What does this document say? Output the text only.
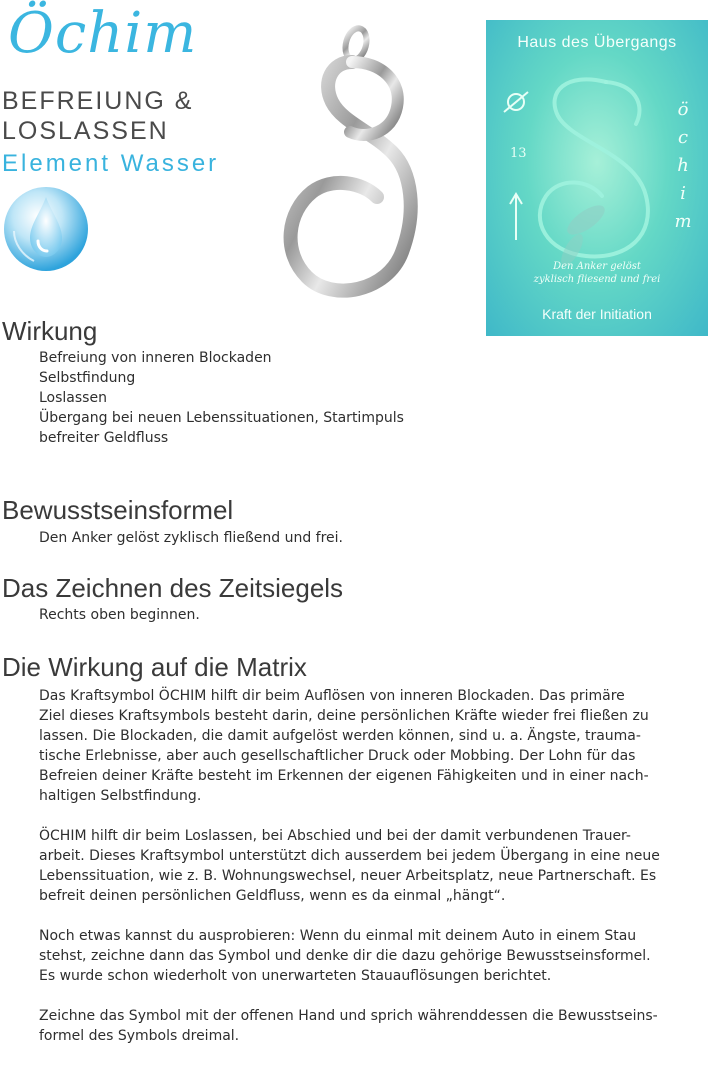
Öchim
BEFREIUNG &
LOSLASSEN
Element Wasser
Haus des Übergangs
13
ö
c
h
i
m
Den Anker gelöst
zyklisch fliesend und frei
Kraft der Initiation
Wirkung
Befreiung von inneren Blockaden
Selbstfindung
Loslassen
Übergang bei neuen Lebenssituationen, Startimpuls
befreiter Geldfluss
Bewusstseinsformel
Den Anker gelöst zyklisch fließend und frei.
Das Zeichnen des Zeitsiegels
Rechts oben beginnen.
Die Wirkung auf die Matrix

Das Kraftsymbol ÖCHIM hilft dir beim Auflösen von inneren Blockaden. Das primäre
Ziel dieses Kraftsymbols besteht darin, deine persönlichen Kräfte wieder frei fließen zu
lassen. Die Blockaden, die damit aufgelöst werden können, sind u. a. Ängste, trauma-
tische Erlebnisse, aber auch gesellschaftlicher Druck oder Mobbing. Der Lohn für das
Befreien deiner Kräfte besteht im Erkennen der eigenen Fähigkeiten und in einer nach-
haltigen Selbstfindung.

ÖCHIM hilft dir beim Loslassen, bei Abschied und bei der damit verbundenen Trauer-
arbeit. Dieses Kraftsymbol unterstützt dich ausserdem bei jedem Übergang in eine neue
Lebenssituation, wie z. B. Wohnungswechsel, neuer Arbeitsplatz, neue Partnerschaft. Es
befreit deinen persönlichen Geldfluss, wenn es da einmal „hängt“.

Noch etwas kannst du ausprobieren: Wenn du einmal mit deinem Auto in einem Stau
stehst, zeichne dann das Symbol und denke dir die dazu gehörige Bewusstseinsformel.
Es wurde schon wiederholt von unerwarteten Stauauflösungen berichtet.

Zeichne das Symbol mit der offenen Hand und sprich währenddessen die Bewusstseins-
formel des Symbols dreimal.
